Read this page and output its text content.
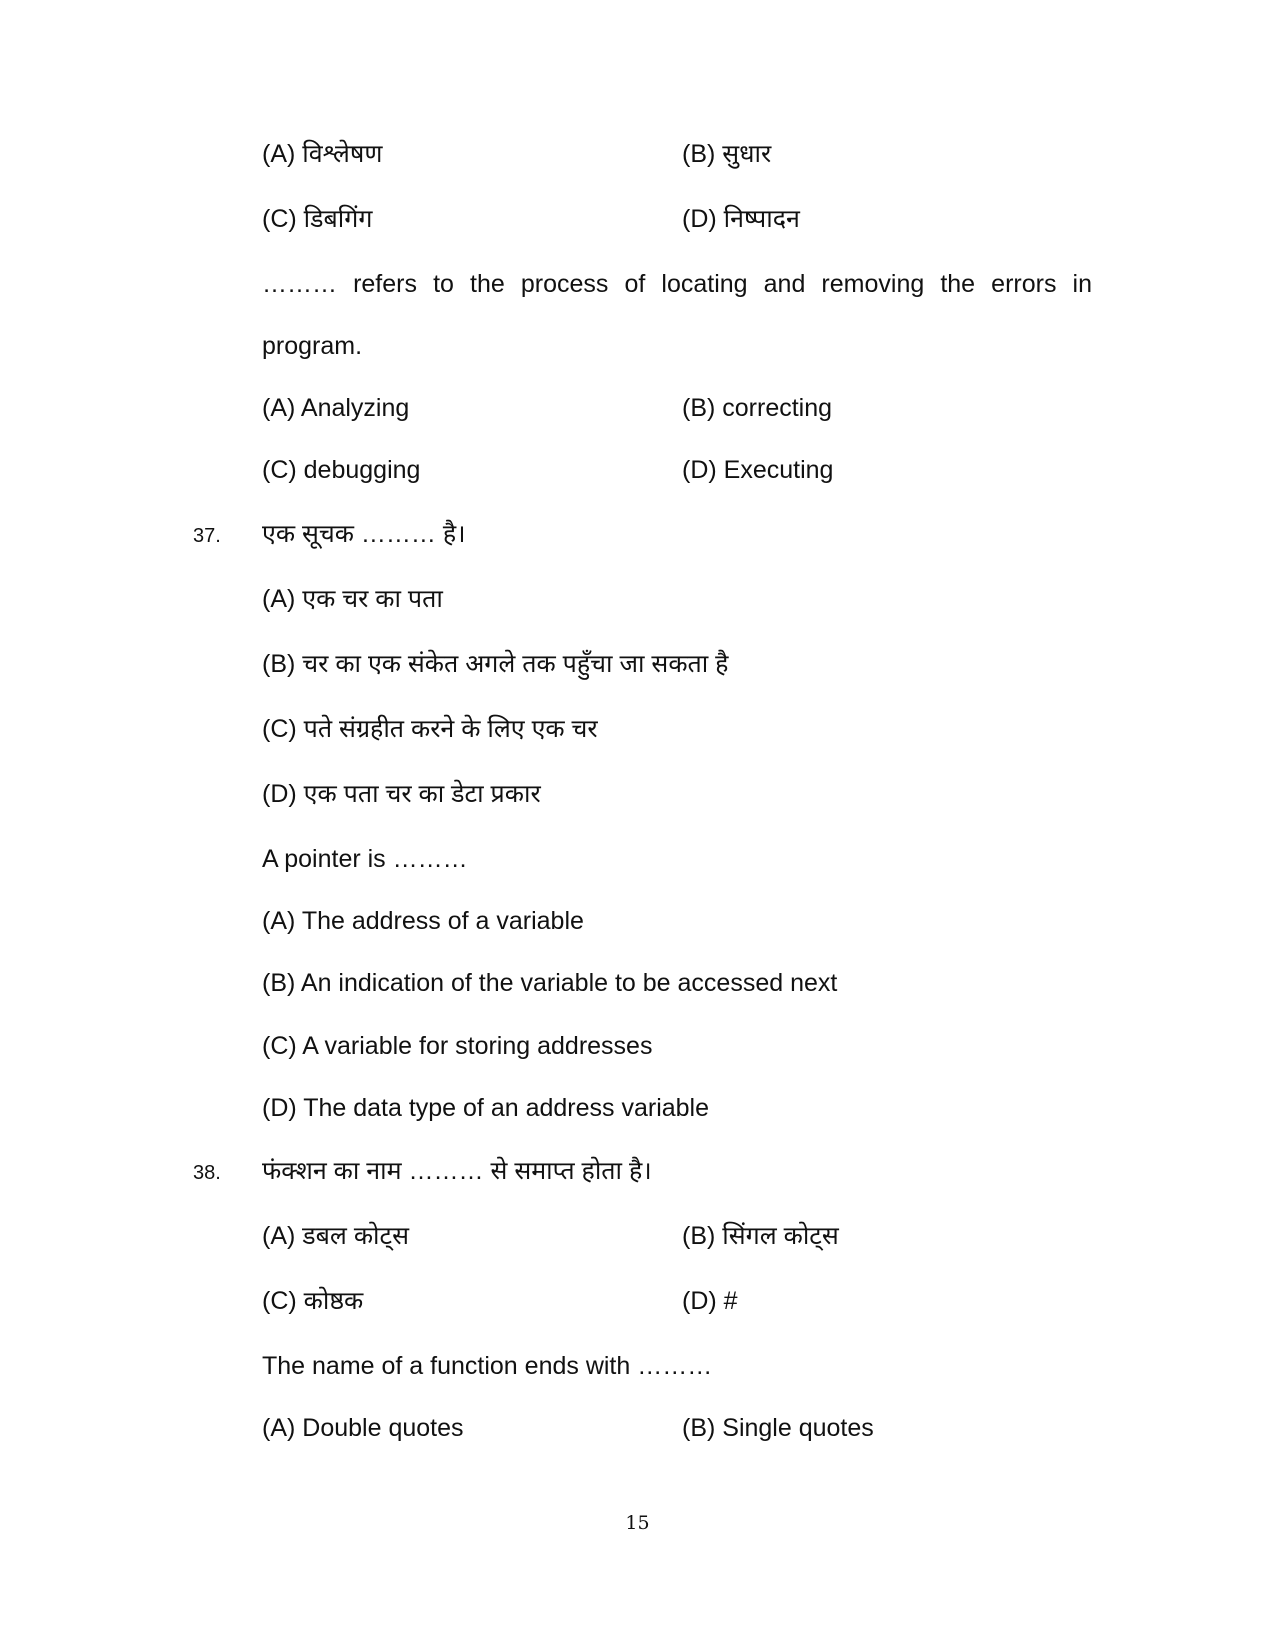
(A) विश्लेषण	(B) सुधार
(C) डिबगिंग	(D) निष्पादन
……… refers to the process of locating and removing the errors in
program.
(A) Analyzing	(B) correcting
(C) debugging	(D) Executing
37. एक सूचक ……… है।
(A) एक चर का पता
(B) चर का एक संकेत अगले तक पहुँचा जा सकता है
(C) पते संग्रहीत करने के लिए एक चर
(D) एक पता चर का डेटा प्रकार
A pointer is ………
(A) The address of a variable
(B) An indication of the variable to be accessed next
(C) A variable for storing addresses
(D) The data type of an address variable
38. फंक्शन का नाम ……… से समाप्त होता है।
(A) डबल कोट्स	(B) सिंगल कोट्स
(C) कोष्ठक	(D) #
The name of a function ends with ………
(A) Double quotes	(B) Single quotes
15
